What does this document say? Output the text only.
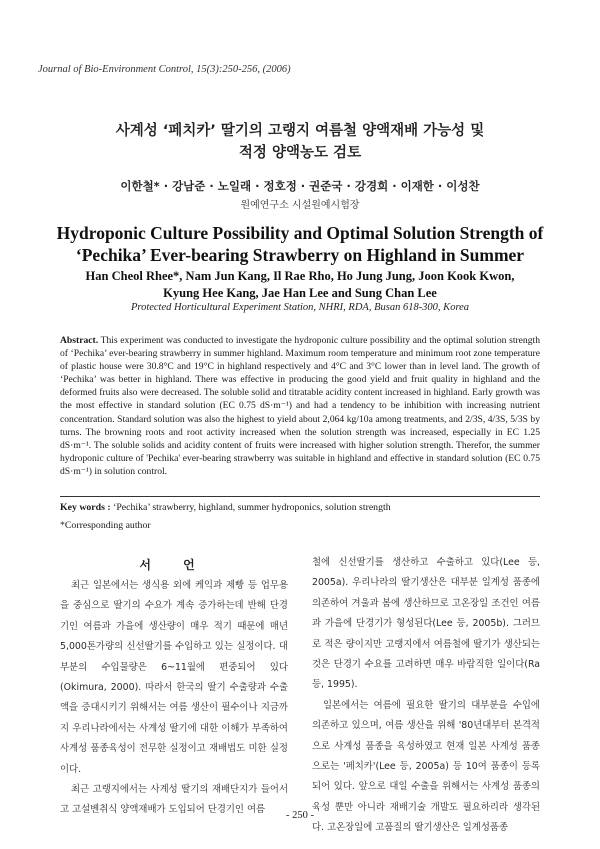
Journal of Bio-Environment Control, 15(3):250-256, (2006)
사계성 ‘페치카’ 딸기의 고랭지 여름철 양액재배 가능성 및
적정 양액농도 검토
이한철* · 강남준 · 노일래 · 정호정 · 권준국 · 강경희 · 이재한 · 이성찬
원예연구소 시설원예시험장
Hydroponic Culture Possibility and Optimal Solution Strength of
‘Pechika’ Ever-bearing Strawberry on Highland in Summer
Han Cheol Rhee*, Nam Jun Kang, Il Rae Rho, Ho Jung Jung, Joon Kook Kwon,
Kyung Hee Kang, Jae Han Lee and Sung Chan Lee
Protected Horticultural Experiment Station, NHRI, RDA, Busan 618-300, Korea
Abstract. This experiment was conducted to investigate the hydroponic culture possibility and the optimal solution strength of ‘Pechika’ ever-bearing strawberry in summer highland. Maximum room temperature and minimum root zone temperature of plastic house were 30.8°C and 19°C in highland respectively and 4°C and 3°C lower than in level land. The growth of ‘Pechika’ was better in highland. There was effective in producing the good yield and fruit quality in highland and the deformed fruits also were decreased. The soluble solid and titratable acidity content increased in highland. Early growth was the most effective in standard solution (EC 0.75 dS·m⁻¹) and had a tendency to be inhibition with increasing nutrient concentration. Standard solution was also the highest to yield about 2,064 kg/10a among treatments, and 2/3S, 4/3S, 5/3S by turns. The browning roots and root activity increased when the solution strength was increased, especially in EC 1.25 dS·m⁻¹. The soluble solids and acidity content of fruits were increased with higher solution strength. Therefor, the summer hydroponic culture of 'Pechika' ever-bearing strawberry was suitable in highland and effective in standard solution (EC 0.75 dS·m⁻¹) in solution control.
Key words : ‘Pechika’ strawberry, highland, summer hydroponics, solution strength
*Corresponding author
서 언

최근 일본에서는 생식용 외에 케익과 제빵 등 업무용을 중심으로 딸기의 수요가 계속 증가하는데 반해 단경기인 여름과 가을에 생산량이 매우 적기 때문에 매년 5,000톤가량의 신선딸기를 수입하고 있는 실정이다. 대부분의 수입물량은 6~11월에 편중되어 있다(Okimura, 2000). 따라서 한국의 딸기 수출량과 수출액을 증대시키기 위해서는 여름 생산이 필수이나 지금까지 우리나라에서는 사계성 딸기에 대한 이해가 부족하여 사계성 품종육성이 전무한 실정이고 재배법도 미한 실정이다.

최근 고랭지에서는 사계성 딸기의 재배단지가 들어서고 고설벤취식 양액재배가 도입되어 단경기인 여름

철에 신선딸기를 생산하고 수출하고 있다(Lee 등, 2005a). 우리나라의 딸기생산은 대부분 일계성 품종에 의존하여 겨울과 봄에 생산하므로 고온장일 조건인 여름과 가을에 단경기가 형성된다(Lee 등, 2005b). 그러므로 적은 량이지만 고랭지에서 여름철에 딸기가 생산되는 것은 단경기 수요를 고려하면 매우 바람직한 일이다(Ra 등, 1995).

일본에서는 여름에 필요한 딸기의 대부분을 수입에 의존하고 있으며, 여름 생산을 위해 '80년대부터 본격적으로 사계성 품종을 육성하였고 현재 일본 사계성 품종으로는 '페치카'(Lee 등, 2005a) 등 10여 품종이 등록되어 있다. 앞으로 대일 수출을 위해서는 사계성 품종의 육성 뿐만 아니라 재배기술 개발도 필요하리라 생각된다. 고온장일에 고품질의 딸기생산은 일계성품종

- 250 -
